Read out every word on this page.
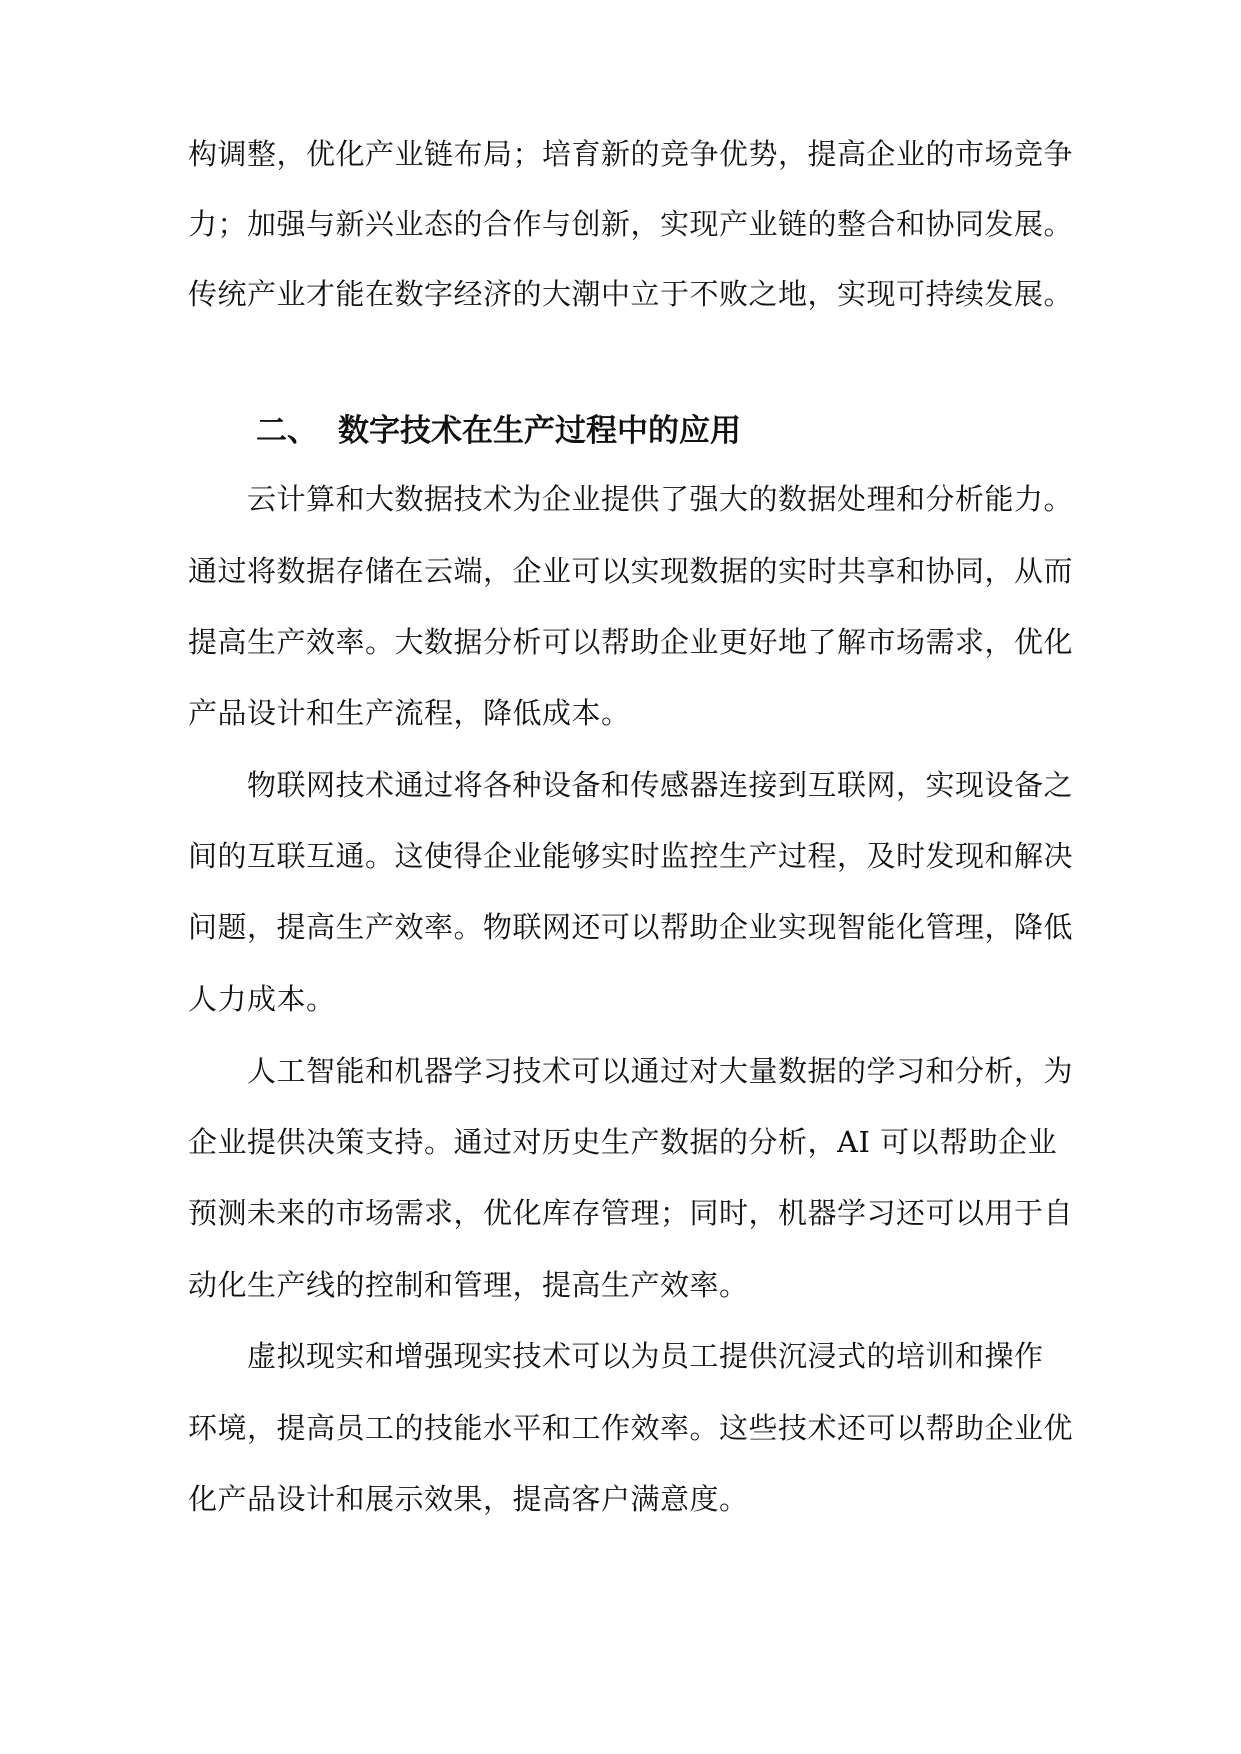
构调整，优化产业链布局；培育新的竞争优势，提高企业的市场竞争
力；加强与新兴业态的合作与创新，实现产业链的整合和协同发展。
传统产业才能在数字经济的大潮中立于不败之地，实现可持续发展。
二、 数字技术在生产过程中的应用
云计算和大数据技术为企业提供了强大的数据处理和分析能力。
通过将数据存储在云端，企业可以实现数据的实时共享和协同，从而
提高生产效率。大数据分析可以帮助企业更好地了解市场需求，优化
产品设计和生产流程，降低成本。
物联网技术通过将各种设备和传感器连接到互联网，实现设备之
间的互联互通。这使得企业能够实时监控生产过程，及时发现和解决
问题，提高生产效率。物联网还可以帮助企业实现智能化管理，降低
人力成本。
人工智能和机器学习技术可以通过对大量数据的学习和分析，为
企业提供决策支持。通过对历史生产数据的分析，AI 可以帮助企业
预测未来的市场需求，优化库存管理；同时，机器学习还可以用于自
动化生产线的控制和管理，提高生产效率。
虚拟现实和增强现实技术可以为员工提供沉浸式的培训和操作
环境，提高员工的技能水平和工作效率。这些技术还可以帮助企业优
化产品设计和展示效果，提高客户满意度。
